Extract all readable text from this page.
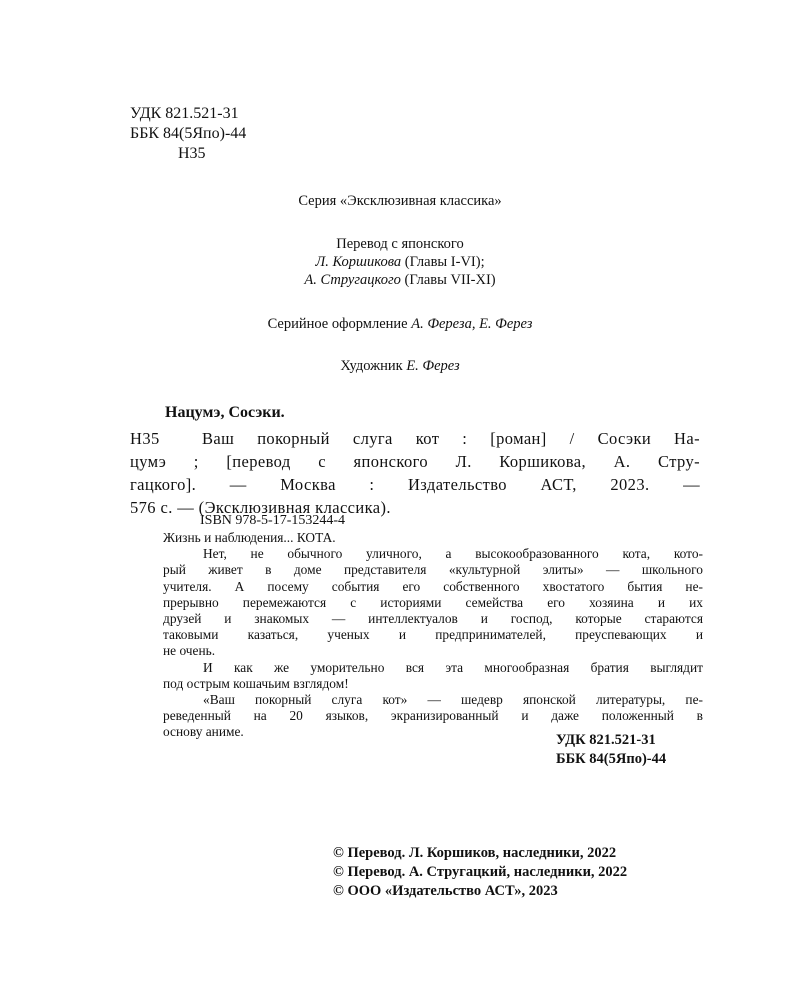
УДК 821.521-31
ББК 84(5Япо)-44
Н35
Серия «Эксклюзивная классика»
Перевод с японского
Л. Коршикова (Главы I-VI);
А. Стругацкого (Главы VII-XI)
Серийное оформление А. Фереза, Е. Ферез
Художник Е. Ферез
Нацумэ, Сосэки.
Н35	Ваш покорный слуга кот : [роман] / Сосэки На-
цумэ ; [перевод с японского Л. Коршикова, А. Стру-
гацкого]. — Москва : Издательство АСТ, 2023. —
576 с. — (Эксклюзивная классика).
ISBN 978-5-17-153244-4
Жизнь и наблюдения... КОТА.
Нет, не обычного уличного, а высокообразованного кота, кото-
рый живет в доме представителя «культурной элиты» — школьного
учителя. А посему события его собственного хвостатого бытия не-
прерывно перемежаются с историями семейства его хозяина и их
друзей и знакомых — интеллектуалов и господ, которые стараются
таковыми казаться, ученых и предпринимателей, преуспевающих и
не очень.
И как же уморительно вся эта многообразная братия выглядит
под острым кошачьим взглядом!
«Ваш покорный слуга кот» — шедевр японской литературы, пе-
реведенный на 20 языков, экранизированный и даже положенный в
основу аниме.
УДК 821.521-31
ББК 84(5Япо)-44
© Перевод. Л. Коршиков, наследники, 2022
© Перевод. А. Стругацкий, наследники, 2022
© ООО «Издательство АСТ», 2023
